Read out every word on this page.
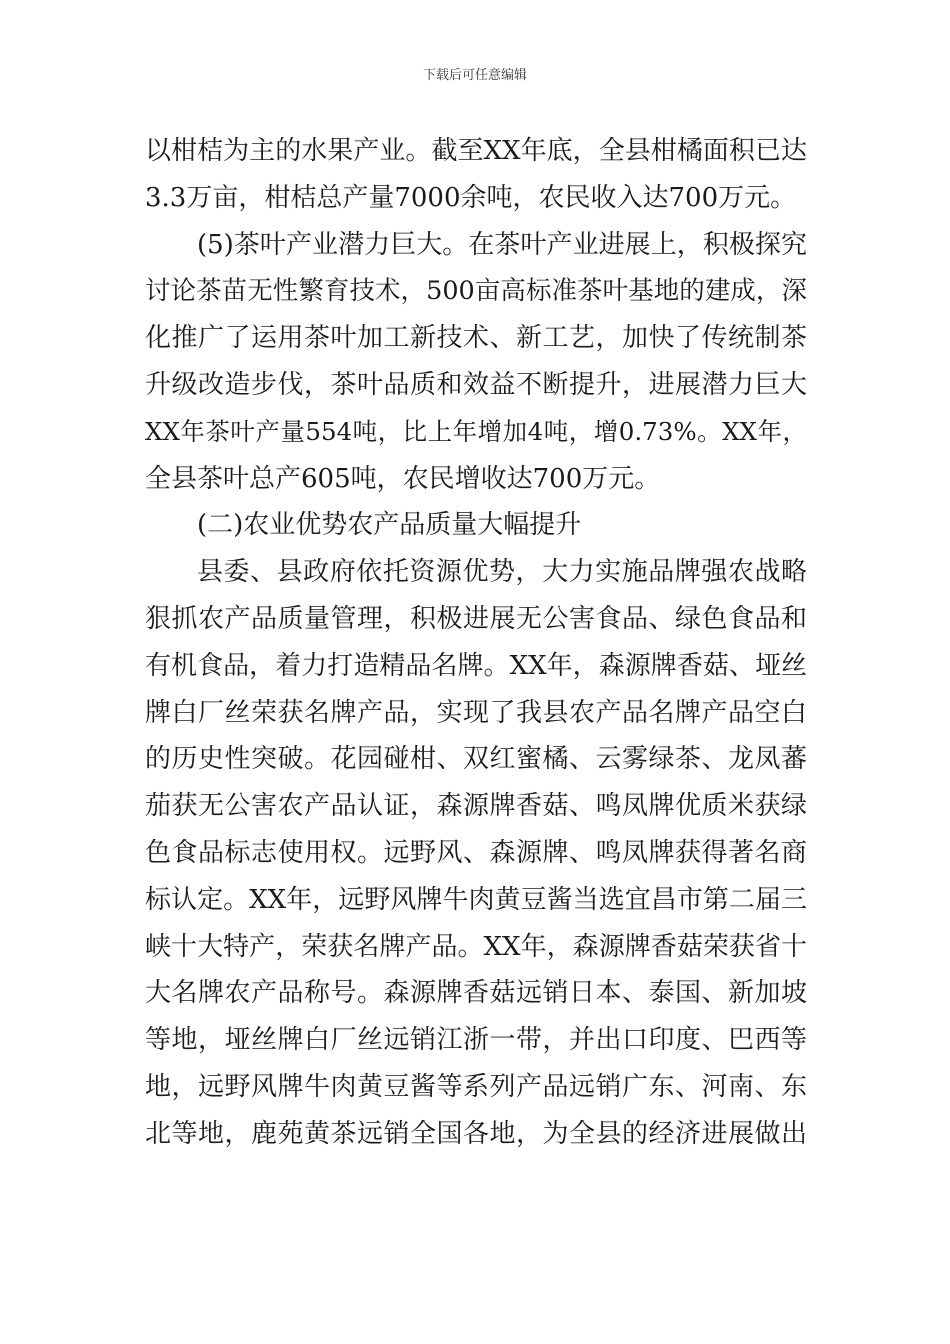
下载后可任意编辑
以柑桔为主的水果产业。截至XX年底，全县柑橘面积已达
3.3万亩，柑桔总产量7000余吨，农民收入达700万元。
(5)茶叶产业潜力巨大。在茶叶产业进展上，积极探究
讨论茶苗无性繁育技术，500亩高标准茶叶基地的建成，深
化推广了运用茶叶加工新技术、新工艺，加快了传统制茶
升级改造步伐，茶叶品质和效益不断提升，进展潜力巨大
XX年茶叶产量554吨，比上年增加4吨，增0.73%。XX年，
全县茶叶总产605吨，农民增收达700万元。
(二)农业优势农产品质量大幅提升
县委、县政府依托资源优势，大力实施品牌强农战略
狠抓农产品质量管理，积极进展无公害食品、绿色食品和
有机食品，着力打造精品名牌。XX年，森源牌香菇、垭丝
牌白厂丝荣获名牌产品，实现了我县农产品名牌产品空白
的历史性突破。花园碰柑、双红蜜橘、云雾绿茶、龙凤蕃
茄获无公害农产品认证，森源牌香菇、鸣凤牌优质米获绿
色食品标志使用权。远野风、森源牌、鸣凤牌获得著名商
标认定。XX年，远野风牌牛肉黄豆酱当选宜昌市第二届三
峡十大特产，荣获名牌产品。XX年，森源牌香菇荣获省十
大名牌农产品称号。森源牌香菇远销日本、泰国、新加坡
等地，垭丝牌白厂丝远销江浙一带，并出口印度、巴西等
地，远野风牌牛肉黄豆酱等系列产品远销广东、河南、东
北等地，鹿苑黄茶远销全国各地，为全县的经济进展做出
